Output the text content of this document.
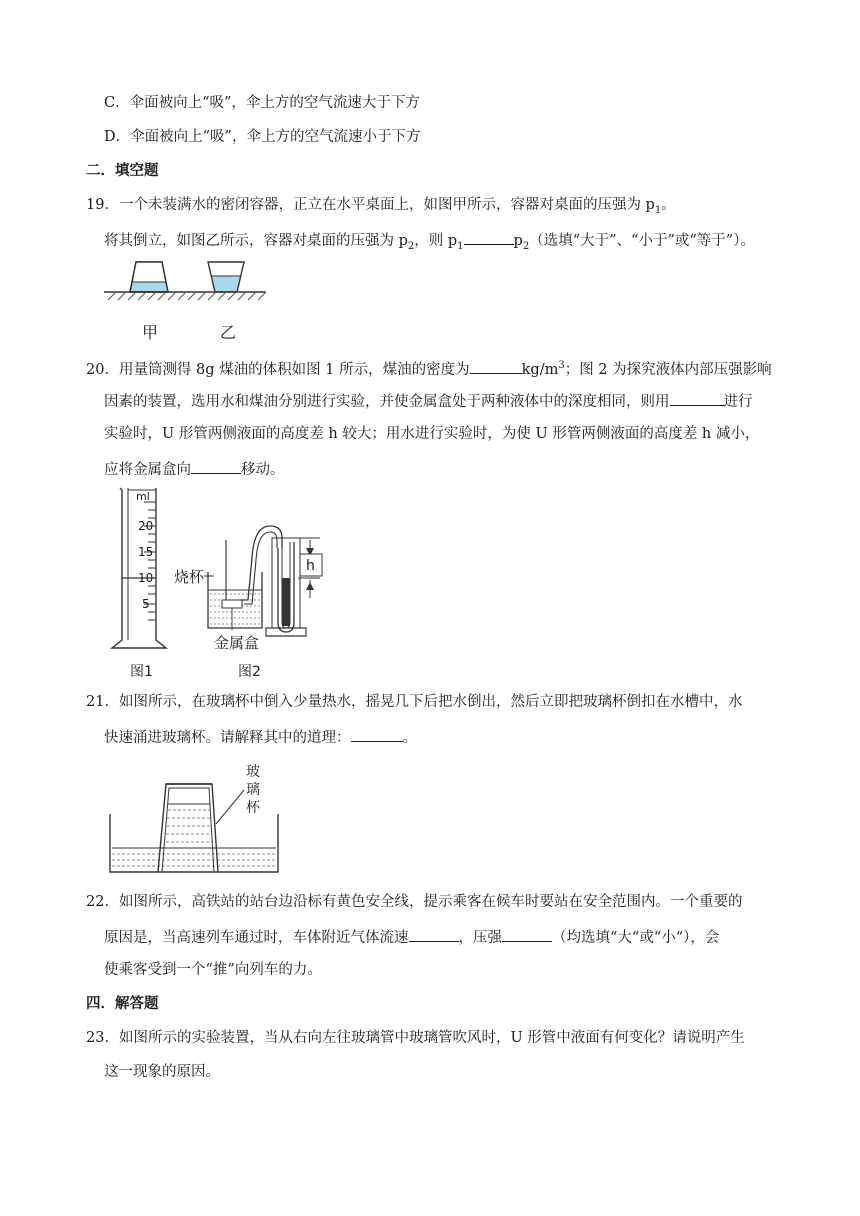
C．伞面被向上“吸”，伞上方的空气流速大于下方
D．伞面被向上“吸”，伞上方的空气流速小于下方
二．填空题
19．一个未装满水的密闭容器，正立在水平桌面上，如图甲所示，容器对桌面的压强为 $p_1$。
将其倒立，如图乙所示，容器对桌面的压强为 $p_2$，则 $p_1$	$p_2$（选填“大于”、“小于”或“等于”）。
甲	乙
20．用量筒测得 8g 煤油的体积如图 1 所示，煤油的密度为	$kg/m^3$；图 2 为探究液体内部压强影响
因素的装置，选用水和煤油分别进行实验，并使金属盒处于两种液体中的深度相同，则用	进行
实验时，U 形管两侧液面的高度差 h 较大；用水进行实验时，为使 U 形管两侧液面的高度差 h 减小，
应将金属盒向	移动。
ml
20
15
10
5
图1
烧杯
h
金属盒
图2
21．如图所示，在玻璃杯中倒入少量热水，摇晃几下后把水倒出，然后立即把玻璃杯倒扣在水槽中，水
快速涌进玻璃杯。请解释其中的道理：	。
玻
璃
杯
22．如图所示，高铁站的站台边沿标有黄色安全线，提示乘客在候车时要站在安全范围内。一个重要的
原因是，当高速列车通过时，车体附近气体流速	，压强	（均选填“大“或“小“），会
使乘客受到一个“推”向列车的力。
四．解答题
23．如图所示的实验装置，当从右向左往玻璃管中玻璃管吹风时，U 形管中液面有何变化？请说明产生
这一现象的原因。
